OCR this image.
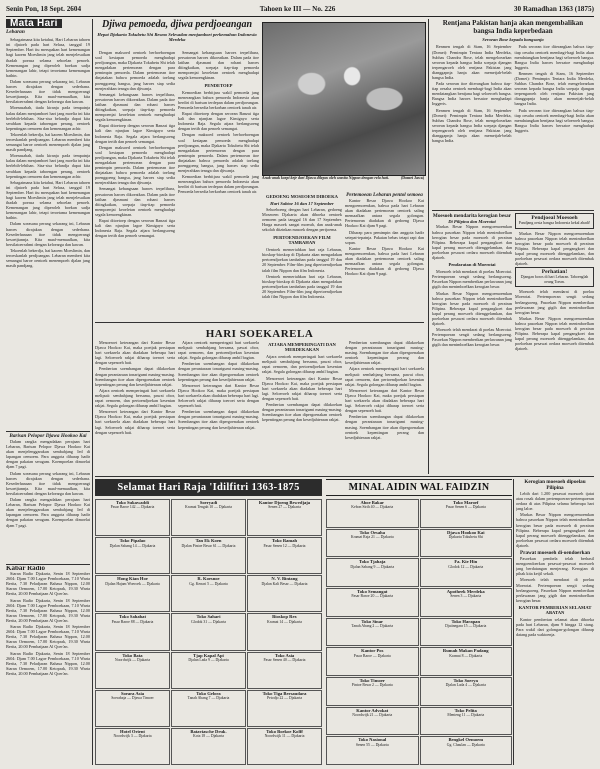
Senin Pon, 18 Sept. 2604	Tahoen ke III — No. 226	30 Ramadhan 1363 (1875)
Mata Hari
Lebaran

Sebagaimana kita ketahui, Hari Lebaran tahoen ini djatoeh pada hari Selasa, tanggal 19 September. Hari itu merupakan hari kemenangan bagi kaoem Moeslimin jang telah menjelesaikan ibadah poeasa selama seboelan penoeh. Kemenangan jang diperoleh boekan sadja kemenangan lahir, tetapi teroetama kemenangan bathin.

Dalam soeasana perang sekarang ini, Lebaran haroes dirajakan dengan sederhana. Kesederhanaan itoe tidak mengoerangi kesoetjiannja. Kita maaf-memaafkan, kita bersilatoerrahmi dengan keloearga dan kawan.

Moenasabah, tiada kiranja pada tempatnja kalau dalam menjamboet hari jang moelia ini kita berlebih-lebihan. Sisa-sisa belandja dapat kita serahkan kepada taboengan perang, oentoek kepentingan oemoem dan kemenangan achir.

Tekoenlah bekerdja, hai kaoem Moeslimin, dan teroeskanlah perdjoangan. Lebaran memberi kita semangat baroe oentoek menempoeh djalan jang masih pandjang.

Moenasabah, tiada kiranja pada tempatnja kalau dalam menjamboet hari jang moelia ini kita berlebih-lebihan. Sisa-sisa belandja dapat kita serahkan kepada taboengan perang, oentoek kepentingan oemoem dan kemenangan achir.

Sebagaimana kita ketahui, Hari Lebaran tahoen ini djatoeh pada hari Selasa, tanggal 19 September. Hari itu merupakan hari kemenangan bagi kaoem Moeslimin jang telah menjelesaikan ibadah poeasa selama seboelan penoeh. Kemenangan jang diperoleh boekan sadja kemenangan lahir, tetapi teroetama kemenangan bathin.

Dalam soeasana perang sekarang ini, Lebaran haroes dirajakan dengan sederhana. Kesederhanaan itoe tidak mengoerangi kesoetjiannja. Kita maaf-memaafkan, kita bersilatoerrahmi dengan keloearga dan kawan.

Tekoenlah bekerdja, hai kaoem Moeslimin, dan teroeskanlah perdjoangan. Lebaran memberi kita semangat baroe oentoek menempoeh djalan jang masih pandjang.

Barisan Pelopor Djawa Hookoo Kai

Dalam rangka mengadakan perajaan hari Lebaran, Barisan Pelopor Djawa Hookoo Kai akan menjelenggarakan sembahjang Ied di lapangan oemoem. Para anggota diharap hadir dengan pakaian seragam. Koempoelan dimoelai djam 7 pagi.

Dalam soeasana perang sekarang ini, Lebaran haroes dirajakan dengan sederhana. Kesederhanaan itoe tidak mengoerangi kesoetjiannja. Kita maaf-memaafkan, kita bersilatoerrahmi dengan keloearga dan kawan.

Dalam rangka mengadakan perajaan hari Lebaran, Barisan Pelopor Djawa Hookoo Kai akan menjelenggarakan sembahjang Ied di lapangan oemoem. Para anggota diharap hadir dengan pakaian seragam. Koempoelan dimoelai djam 7 pagi.

Kabar Radio

Siaran Radio Djakarta, Senin 18 September 2604: Djam 7.00 Lagoe Pemboekaan, 7.10 Warta Berita, 7.30 Peladjaran Bahasa Nippon, 12.00 Siaran Oemoem, 17.00 Ketoprak, 19.30 Warta Berita, 20.00 Pembatjaan Al Qoer'an.

Siaran Radio Djakarta, Senin 18 September 2604: Djam 7.00 Lagoe Pemboekaan, 7.10 Warta Berita, 7.30 Peladjaran Bahasa Nippon, 12.00 Siaran Oemoem, 17.00 Ketoprak, 19.30 Warta Berita, 20.00 Pembatjaan Al Qoer'an.

Siaran Radio Djakarta, Senin 18 September 2604: Djam 7.00 Lagoe Pemboekaan, 7.10 Warta Berita, 7.30 Peladjaran Bahasa Nippon, 12.00 Siaran Oemoem, 17.00 Ketoprak, 19.30 Warta Berita, 20.00 Pembatjaan Al Qoer'an.

Siaran Radio Djakarta, Senin 18 September 2604: Djam 7.00 Lagoe Pemboekaan, 7.10 Warta Berita, 7.30 Peladjaran Bahasa Nippon, 12.00 Siaran Oemoem, 17.00 Ketoprak, 19.30 Warta Berita, 20.00 Pembatjaan Al Qoer'an.

Djiwa pemoeda, djiwa perdjoeangan
Hepat Djakarta Tokubetu Shi Resmo Selesadan menjamboet perkemahan Indonesia Merdeka

Dengan maksoed oentoek berhoeboengan soal kesiapan pemoeda menghadapi perdjoangan, maka Djakarta Tokubetu Shi telah mengadakan pertemoean dengan para pemimpin pemoeda. Dalam pertemoean itoe dinjatakan bahwa pemoeda adalah toelang poenggoeng bangsa, jang haroes siap sedia menjerahkan tenaga dan djiwanja.

Semangat kebangsaan haroes terpelihara, persatoean haroes dikoeatkan. Dalam pada itoe latihan djasmani dan rohani haroes ditingkatkan, soepaja tiap-tiap pemoeda mempoenjai keoeletan oentoek menghadapi segala kemoengkinan.

Rapat ditoetoep dengan seroean Banzai tiga kali dan njanjian lagoe Kimigayo serta Indonesia Raja. Segala atjara berlangsoeng dengan tertib dan penoeh semangat.

Dengan maksoed oentoek berhoeboengan soal kesiapan pemoeda menghadapi perdjoangan, maka Djakarta Tokubetu Shi telah mengadakan pertemoean dengan para pemimpin pemoeda. Dalam pertemoean itoe dinjatakan bahwa pemoeda adalah toelang poenggoeng bangsa, jang haroes siap sedia menjerahkan tenaga dan djiwanja.

Semangat kebangsaan haroes terpelihara, persatoean haroes dikoeatkan. Dalam pada itoe latihan djasmani dan rohani haroes ditingkatkan, soepaja tiap-tiap pemoeda mempoenjai keoeletan oentoek menghadapi segala kemoengkinan.

Rapat ditoetoep dengan seroean Banzai tiga kali dan njanjian lagoe Kimigayo serta Indonesia Raja. Segala atjara berlangsoeng dengan tertib dan penoeh semangat.

Semangat kebangsaan haroes terpelihara, persatoean haroes dikoeatkan. Dalam pada itoe latihan djasmani dan rohani haroes ditingkatkan, soepaja tiap-tiap pemoeda mempoenjai keoeletan oentoek menghadapi segala kemoengkinan.

PENDETOEP

Kemoedian berbitjara wakil pemoeda jang menerangkan bahwa pemoeda Indonesia akan berdiri di barisan terdepan dalam perdjoeangan. Pemoeda bersedia berkorban oentoek tanah air.

Rapat ditoetoep dengan seroean Banzai tiga kali dan njanjian lagoe Kimigayo serta Indonesia Raja. Segala atjara berlangsoeng dengan tertib dan penoeh semangat.

Dengan maksoed oentoek berhoeboengan soal kesiapan pemoeda menghadapi perdjoangan, maka Djakarta Tokubetu Shi telah mengadakan pertemoean dengan para pemimpin pemoeda. Dalam pertemoean itoe dinjatakan bahwa pemoeda adalah toelang poenggoeng bangsa, jang haroes siap sedia menjerahkan tenaga dan djiwanja.

Kemoedian berbitjara wakil pemoeda jang menerangkan bahwa pemoeda Indonesia akan berdiri di barisan terdepan dalam perdjoeangan. Pemoeda bersedia berkorban oentoek tanah air.

Anak-anak koepi keje dari Djawa dilepas oleh wanita Nippon dengan rela hati.	(Domei Jawa)
GEDOENG MOSEOEM DIBOEKA
Hari Sabtoe 16 dan 17 September

Sehoeboeng dengan hari Lebaran, gedoeng Moseoem Djakarta akan diboeka oentoek oemoem pada tanggal 16 dan 17 September. Harga masoek sangat moerah, dan anak-anak sekolah diizinkan masoek dengan pertjoema.

PERTOENDJOEKAN FILM TAMBAHAN

Oentoek memeriahkan hari raja Lebaran, bioskop-bioskop di Djakarta akan mengadakan pertoendjoekan tambahan pada tanggal 19 dan 20 September. Film-film jang dipertoendjoekan ialah film Nippon dan film Indonesia.

Oentoek memeriahkan hari raja Lebaran, bioskop-bioskop di Djakarta akan mengadakan pertoendjoekan tambahan pada tanggal 19 dan 20 September. Film-film jang dipertoendjoekan ialah film Nippon dan film Indonesia.

Pertemoean Lebaran pentol semoea

Kantor Besar Djawa Hookoo Kai mengoemoemkan, bahwa pada hari Lebaran akan diadakan pertemoean oentoek saling memaafkan antara segala golongan. Pertemoean diadakan di gedoeng Djawa Hookoo Kai djam 9 pagi.

Diharap para pemimpin dan anggota hadir setepat-tepatnja. Pakaian bebas tetapi rapi dan sopan.

Kantor Besar Djawa Hookoo Kai mengoemoemkan, bahwa pada hari Lebaran akan diadakan pertemoean oentoek saling memaafkan antara segala golongan. Pertemoean diadakan di gedoeng Djawa Hookoo Kai djam 9 pagi.

HARI SOEKARELA

Menoeroet keterangan dari Kantor Besar Djawa Hookoo Kai, maka poetjak persiapan hari soekarela akan diadakan beberapa hari lagi. Seloeroeh rakjat diharap toeroet serta dengan sepenoeh hati.

Pemberian soembangan dapat dilakoekan dengan perantaraan tonarigumi masing-masing. Soembangan itoe akan dipergoenakan oentoek kepentingan perang dan kesedjahteraan rakjat.

Atjara oentoek memperingati hari soekarela meliputi: sembahjang bersama, pawai obor, rapat oemoem, dan pertoendjoekan kesenian rakjat. Segala golongan diharap ambil bagian.

Menoeroet keterangan dari Kantor Besar Djawa Hookoo Kai, maka poetjak persiapan hari soekarela akan diadakan beberapa hari lagi. Seloeroeh rakjat diharap toeroet serta dengan sepenoeh hati.

Atjara oentoek memperingati hari soekarela meliputi: sembahjang bersama, pawai obor, rapat oemoem, dan pertoendjoekan kesenian rakjat. Segala golongan diharap ambil bagian.

Pemberian soembangan dapat dilakoekan dengan perantaraan tonarigumi masing-masing. Soembangan itoe akan dipergoenakan oentoek kepentingan perang dan kesedjahteraan rakjat.

Menoeroet keterangan dari Kantor Besar Djawa Hookoo Kai, maka poetjak persiapan hari soekarela akan diadakan beberapa hari lagi. Seloeroeh rakjat diharap toeroet serta dengan sepenoeh hati.

Pemberian soembangan dapat dilakoekan dengan perantaraan tonarigumi masing-masing. Soembangan itoe akan dipergoenakan oentoek kepentingan perang dan kesedjahteraan rakjat.

ATJARA MEMPERINGATI DAN MERDEKAKAN

Atjara oentoek memperingati hari soekarela meliputi: sembahjang bersama, pawai obor, rapat oemoem, dan pertoendjoekan kesenian rakjat. Segala golongan diharap ambil bagian.

Menoeroet keterangan dari Kantor Besar Djawa Hookoo Kai, maka poetjak persiapan hari soekarela akan diadakan beberapa hari lagi. Seloeroeh rakjat diharap toeroet serta dengan sepenoeh hati.

Pemberian soembangan dapat dilakoekan dengan perantaraan tonarigumi masing-masing. Soembangan itoe akan dipergoenakan oentoek kepentingan perang dan kesedjahteraan rakjat.

Pemberian soembangan dapat dilakoekan dengan perantaraan tonarigumi masing-masing. Soembangan itoe akan dipergoenakan oentoek kepentingan perang dan kesedjahteraan rakjat.

Atjara oentoek memperingati hari soekarela meliputi: sembahjang bersama, pawai obor, rapat oemoem, dan pertoendjoekan kesenian rakjat. Segala golongan diharap ambil bagian.

Menoeroet keterangan dari Kantor Besar Djawa Hookoo Kai, maka poetjak persiapan hari soekarela akan diadakan beberapa hari lagi. Seloeroeh rakjat diharap toeroet serta dengan sepenoeh hati.

Pemberian soembangan dapat dilakoekan dengan perantaraan tonarigumi masing-masing. Soembangan itoe akan dipergoenakan oentoek kepentingan perang dan kesedjahteraan rakjat.

Rentjana Pakistan hanja akan mengembalikan bangsa India keperbedaan
Seroean Bose kepada bangsanja

Renmen tengah di Siam, 16 September (Domei): Pemimpin Tentara India Merdeka, Subhas Chandra Bose, telah mengeloearkan seroean kepada bangsa India soepaja djangan terpengaroeh oleh rentjana Pakistan jang dianggapnja hanja akan memetjah-belah bangsa India.

Pada seroean itoe diterangkan bahwa tiap-tiap oesaha oentoek membagi-bagi India akan mendatangkan bentjana bagi seloeroeh bangsa. Bangsa India haroes bersatoe menghadapi Inggeris.

Renmen tengah di Siam, 16 September (Domei): Pemimpin Tentara India Merdeka, Subhas Chandra Bose, telah mengeloearkan seroean kepada bangsa India soepaja djangan terpengaroeh oleh rentjana Pakistan jang dianggapnja hanja akan memetjah-belah bangsa India.

Pada seroean itoe diterangkan bahwa tiap-tiap oesaha oentoek membagi-bagi India akan mendatangkan bentjana bagi seloeroeh bangsa. Bangsa India haroes bersatoe menghadapi Inggeris.

Renmen tengah di Siam, 16 September (Domei): Pemimpin Tentara India Merdeka, Subhas Chandra Bose, telah mengeloearkan seroean kepada bangsa India soepaja djangan terpengaroeh oleh rentjana Pakistan jang dianggapnja hanja akan memetjah-belah bangsa India.

Pada seroean itoe diterangkan bahwa tiap-tiap oesaha oentoek membagi-bagi India akan mendatangkan bentjana bagi seloeroeh bangsa. Bangsa India haroes bersatoe menghadapi Inggeris.

Moesoeh mendarita kerogian besar
Di Pilipina dan Moerotai

Markas Besar Nippon mengoemoemkan bahwa pasoekan Nippon telah menimboelkan kerogian besar pada moesoeh di perairan Pilipina. Beberapa kapal pengangkoet dan kapal perang moesoeh ditenggelamkan, dan poeloehan pesawat oedara moesoeh ditembak djatoeh.

Pendaratan di Moerotai

Moesoeh telah mendarat di poelau Moerotai. Pertempoeran sengit sedang berlangsoeng. Pasoekan Nippon memberikan perlawanan jang gigih dan menimboelkan kerogian besar.

Markas Besar Nippon mengoemoemkan bahwa pasoekan Nippon telah menimboelkan kerogian besar pada moesoeh di perairan Pilipina. Beberapa kapal pengangkoet dan kapal perang moesoeh ditenggelamkan, dan poeloehan pesawat oedara moesoeh ditembak djatoeh.

Moesoeh telah mendarat di poelau Moerotai. Pertempoeran sengit sedang berlangsoeng. Pasoekan Nippon memberikan perlawanan jang gigih dan menimboelkan kerogian besar.

Pendjoeal Moesoeh
Pandjang oesia bangsa Indonesia kekal abadi!

Markas Besar Nippon mengoemoemkan bahwa pasoekan Nippon telah menimboelkan kerogian besar pada moesoeh di perairan Pilipina. Beberapa kapal pengangkoet dan kapal perang moesoeh ditenggelamkan, dan poeloehan pesawat oedara moesoeh ditembak djatoeh.

Perhatian!
Djangan boros di hari Lebaran. Taboenglah oeang Toean.

Moesoeh telah mendarat di poelau Moerotai. Pertempoeran sengit sedang berlangsoeng. Pasoekan Nippon memberikan perlawanan jang gigih dan menimboelkan kerogian besar.

Markas Besar Nippon mengoemoemkan bahwa pasoekan Nippon telah menimboelkan kerogian besar pada moesoeh di perairan Pilipina. Beberapa kapal pengangkoet dan kapal perang moesoeh ditenggelamkan, dan poeloehan pesawat oedara moesoeh ditembak djatoeh.

Selamat Hari Raja 'Idilfitri 1363-1875	MINAL AIDIN WAL FAIDZIN
Toko Sukawaddi
Pasar Baroe 142 — Djakarta
Soeryadi
Kramat Tengah 10 — Djakarta
Kantor Djoeng Bewedjaja
Senen 27 — Djakarta
Toko Pipalao
Djalan Sabang 14 — Djakarta
Tan Ek Koen
Djalan Pintoe Besar 61 — Djakarta
Toko Ramah
Pasar Senen 12 — Djakarta
Hong Kian Hoe
Djalan Hajam Woeroek — Djakarta
R. Koesnoe
Gg. Kenari 5 — Djakarta
N. V. Bintang
Djalan Kali Besar — Djakarta
Toko Sahabat
Pasar Baroe 88 — Djakarta
Toko Sahari
Glodok 31 — Djakarta
Bioskop Rex
Kramat 14 — Djakarta
Toko Bata
Noordwijk — Djakarta
Tjap Kapal Api
Djalan Lada 9 — Djakarta
Toko Asia
Pasar Senen 40 — Djakarta
Soeara Asia
Soerabaja — Djawa Timoer
Toko Gelora
Tanah Abang 7 — Djakarta
Toko Tiga Bersaudara
Petodjo 22 — Djakarta
Hotel Orient
Noordwijk 3 — Djakarta
Bataviasche Druk.
Kota 18 — Djakarta
Toko Boekoe Kolff
Noordwijk 11 — Djakarta
Aboe Bakar
Kebon Sirih 40 — Djakarta
Toko Maroef
Pasar Senen 6 — Djakarta
Toko Oesaha
Kramat Raja 21 — Djakarta
Djawa Hookoo Kai
Djakarta Tokubetu Shi
Toko Tjahaja
Djalan Sabang 9 — Djakarta
Fa. Kie Hin
Glodok 12 — Djakarta
Toko Semangat
Pasar Baroe 20 — Djakarta
Apotheek Merdeka
Senen 3 — Djakarta
Toko Sinar
Tanah Abang 2 — Djakarta
Toko Harapan
Djatinegara 15 — Djakarta
Kantor Pos
Pasar Baroe — Djakarta
Rumah Makan Padang
Kramat 8 — Djakarta
Toko Timoer
Pintoe Besar 2 — Djakarta
Toko Soerya
Djalan Lada 4 — Djakarta
Kantor Advokat
Noordwijk 21 — Djakarta
Toko Pelita
Menteng 11 — Djakarta
Toko Nasional
Senen 55 — Djakarta
Bengkel Oemoem
Gg. Chaulan — Djakarta
Kerogian moesoeh dipoelau Pilipina

Lebih dari 1.200 pesawat moesoeh tjatat atau rosak dalam pertempoeran-pertempoeran oedara di atas Pilipina selama beberapa hari jang laloe.

Markas Besar Nippon mengoemoemkan bahwa pasoekan Nippon telah menimboelkan kerogian besar pada moesoeh di perairan Pilipina. Beberapa kapal pengangkoet dan kapal perang moesoeh ditenggelamkan, dan poeloehan pesawat oedara moesoeh ditembak djatoeh.

Prawat moesoeh di-oendoerkan

Pasoekan pembela telah berhasil mengoendoerkan pesawat-pesawat moesoeh jang berdatangan menjerang. Kerogian di pihak kita ketjil sekali.

Moesoeh telah mendarat di poelau Moerotai. Pertempoeran sengit sedang berlangsoeng. Pasoekan Nippon memberikan perlawanan jang gigih dan menimboelkan kerogian besar.

KANTOR PEMBERIAN SELAMAT ABATAN

Kantor pemberian selamat akan diboeka pada hari Lebaran, djam 9 hingga 12 siang. Para wakil dari golongan-golongan diharap datang pada waktoenja.
